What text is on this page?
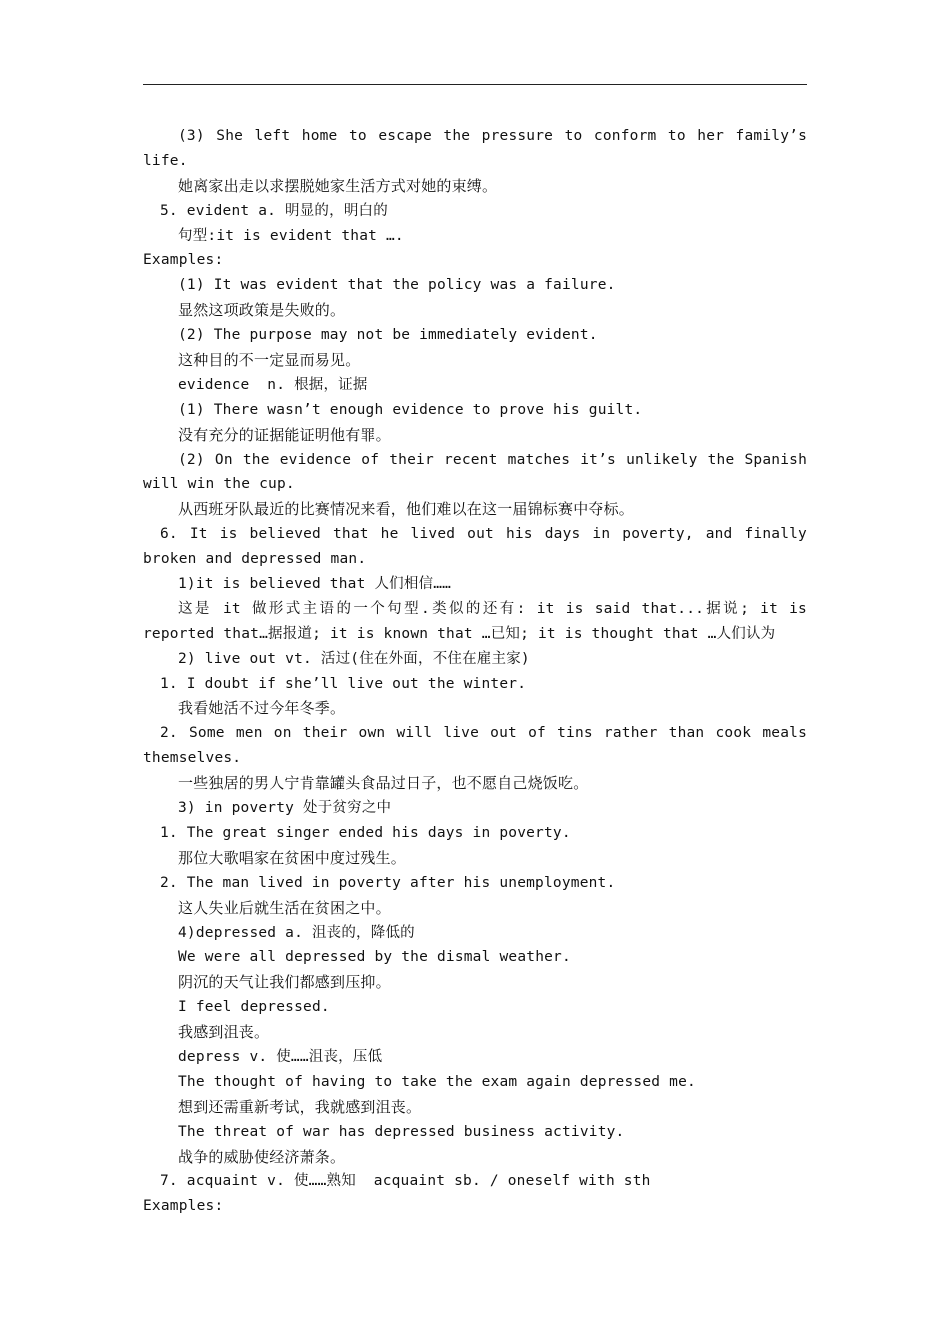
(3) She left home to escape the pressure to conform to her family’s
life.
她离家出走以求摆脱她家生活方式对她的束缚。
5. evident a. 明显的，明白的
句型:it is evident that ….
Examples:
(1) It was evident that the policy was a failure.
显然这项政策是失败的。
(2) The purpose may not be immediately evident.
这种目的不一定显而易见。
evidence  n. 根据，证据
(1) There wasn’t enough evidence to prove his guilt.
没有充分的证据能证明他有罪。
(2) On the evidence of their recent matches it’s unlikely the Spanish
will win the cup.
从西班牙队最近的比赛情况来看，他们难以在这一届锦标赛中夺标。
6. It is believed that he lived out his days in poverty, and finally
broken and depressed man.
1)it is believed that 人们相信……
这是 it 做形式主语的一个句型.类似的还有: it is said that...据说; it is
reported that…据报道; it is known that …已知; it is thought that …人们认为
2) live out vt. 活过(住在外面，不住在雇主家)
1. I doubt if she’ll live out the winter.
我看她活不过今年冬季。
2. Some men on their own will live out of tins rather than cook meals
themselves.
一些独居的男人宁肯靠罐头食品过日子，也不愿自己烧饭吃。
3) in poverty 处于贫穷之中
1. The great singer ended his days in poverty.
那位大歌唱家在贫困中度过残生。
2. The man lived in poverty after his unemployment.
这人失业后就生活在贫困之中。
4)depressed a. 沮丧的，降低的
We were all depressed by the dismal weather.
阴沉的天气让我们都感到压抑。
I feel depressed.
我感到沮丧。
depress v. 使……沮丧，压低
The thought of having to take the exam again depressed me.
想到还需重新考试，我就感到沮丧。
The threat of war has depressed business activity.
战争的威胁使经济萧条。
7. acquaint v. 使……熟知  acquaint sb. / oneself with sth
Examples:
